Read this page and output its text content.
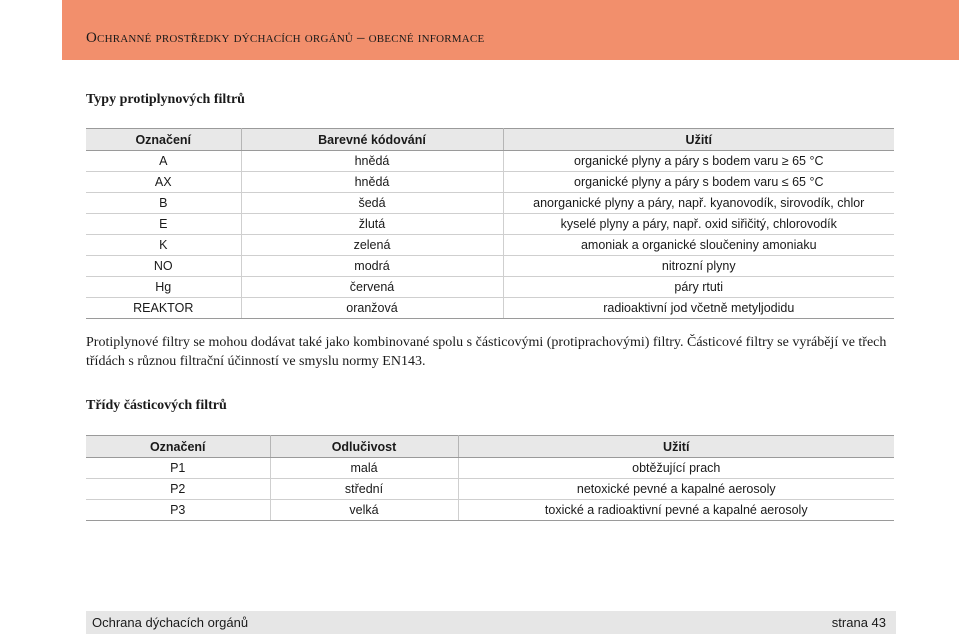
Ochranné prostředky dýchacích orgánů – obecné informace
Typy protiplynových filtrů
Označení	Barevné kódování	Užití
A	hnědá	organické plyny a páry s bodem varu ≥ 65 °C
AX	hnědá	organické plyny a páry s bodem varu ≤ 65 °C
B	šedá	anorganické plyny a páry, např. kyanovodík, sirovodík, chlor
E	žlutá	kyselé plyny a páry, např. oxid siřičitý, chlorovodík
K	zelená	amoniak a organické sloučeniny amoniaku
NO	modrá	nitrozní plyny
Hg	červená	páry rtuti
REAKTOR	oranžová	radioaktivní jod včetně metyljodidu
Protiplynové filtry se mohou dodávat také jako kombinované spolu s částicovými (protiprachovými) filtry. Částicové filtry se vyrábějí ve třech třídách s různou filtrační účinností ve smyslu normy EN143.
Třídy částicových filtrů
Označení	Odlučivost	Užití
P1	malá	obtěžující prach
P2	střední	netoxické pevné a kapalné aerosoly
P3	velká	toxické a radioaktivní pevné a kapalné aerosoly
Ochrana dýchacích orgánů	strana 43
